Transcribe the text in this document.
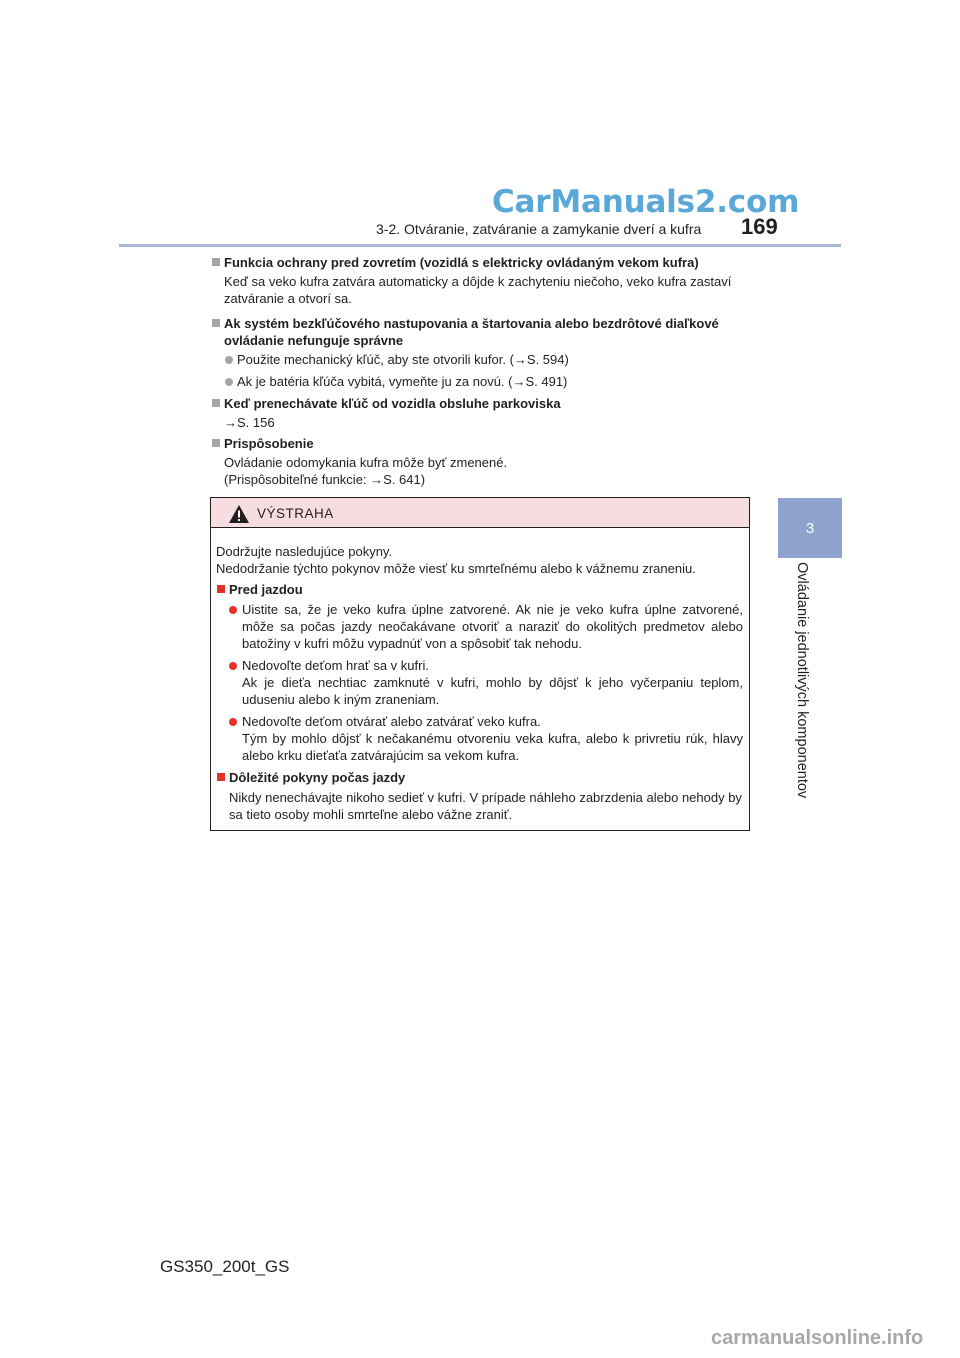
CarManuals2.com
3-2. Otváranie, zatváranie a zamykanie dverí a kufra 169
3
Ovládanie jednotlivých komponentov
Funkcia ochrany pred zovretím (vozidlá s elektricky ovládaným vekom kufra)
Keď sa veko kufra zatvára automaticky a dôjde k zachyteniu niečoho, veko kufra zastaví zatváranie a otvorí sa.
Ak systém bezkľúčového nastupovania a štartovania alebo bezdrôtové diaľkové ovládanie nefunguje správne
Použite mechanický kľúč, aby ste otvorili kufor. (→S. 594)
Ak je batéria kľúča vybitá, vymeňte ju za novú. (→S. 491)
Keď prenechávate kľúč od vozidla obsluhe parkoviska
→S. 156
Prispôsobenie
Ovládanie odomykania kufra môže byť zmenené.
(Prispôsobiteľné funkcie: →S. 641)
VÝSTRAHA
Dodržujte nasledujúce pokyny.
Nedodržanie týchto pokynov môže viesť ku smrteľnému alebo k vážnemu zraneniu.
Pred jazdou
Uistite sa, že je veko kufra úplne zatvorené. Ak nie je veko kufra úplne zatvorené, môže sa počas jazdy neočakávane otvoriť a naraziť do okolitých predmetov alebo batožiny v kufri môžu vypadnúť von a spôsobiť tak nehodu.
Nedovoľte deťom hrať sa v kufri.
Ak je dieťa nechtiac zamknuté v kufri, mohlo by dôjsť k jeho vyčerpaniu teplom, udusеniu alebo k iným zraneniam.
Nedovoľte deťom otvárať alebo zatvárať veko kufra.
Tým by mohlo dôjsť k nečakanému otvoreniu veka kufra, alebo k privretiu rúk, hlavy alebo krku dieťaťa zatvárajúcim sa vekom kufra.
Dôležité pokyny počas jazdy
Nikdy nenechávajte nikoho sedieť v kufri. V prípade náhleho zabrzdenia alebo nehody by sa tieto osoby mohli smrteľne alebo vážne zraniť.
GS350_200t_GS
carmanualsonline.info
